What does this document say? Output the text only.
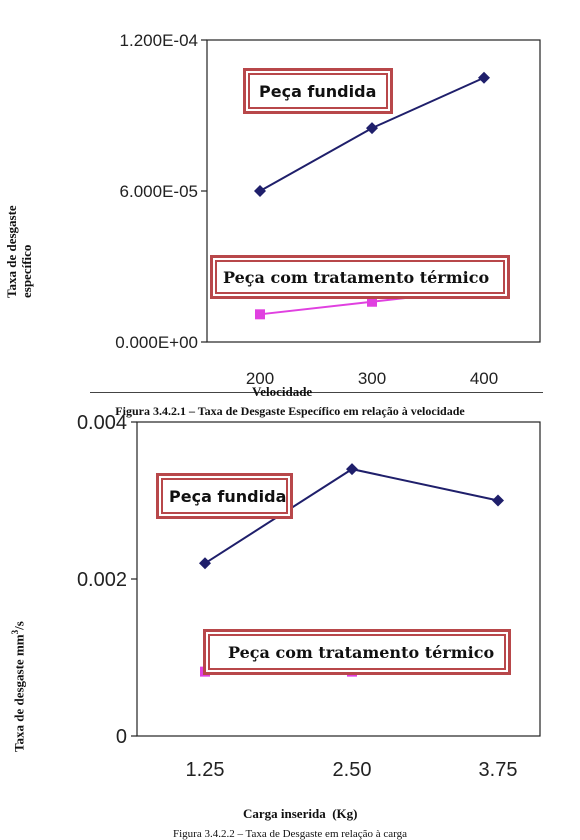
1.200E-04
6.000E-05
0.000E+00
200	300	400
Taxa de desgaste específico
Peça fundida
Peça com tratamento térmico
Velocidade
Figura 3.4.2.1 – Taxa de Desgaste Específico em relação à velocidade
0.004
0.002
0
1.25	2.50	3.75
Taxa de desgaste $mm^3/s$
Peça fundida
Peça com tratamento térmico
Carga inserida  (Kg)
Figura 3.4.2.2 – Taxa de Desgaste em relação à carga
